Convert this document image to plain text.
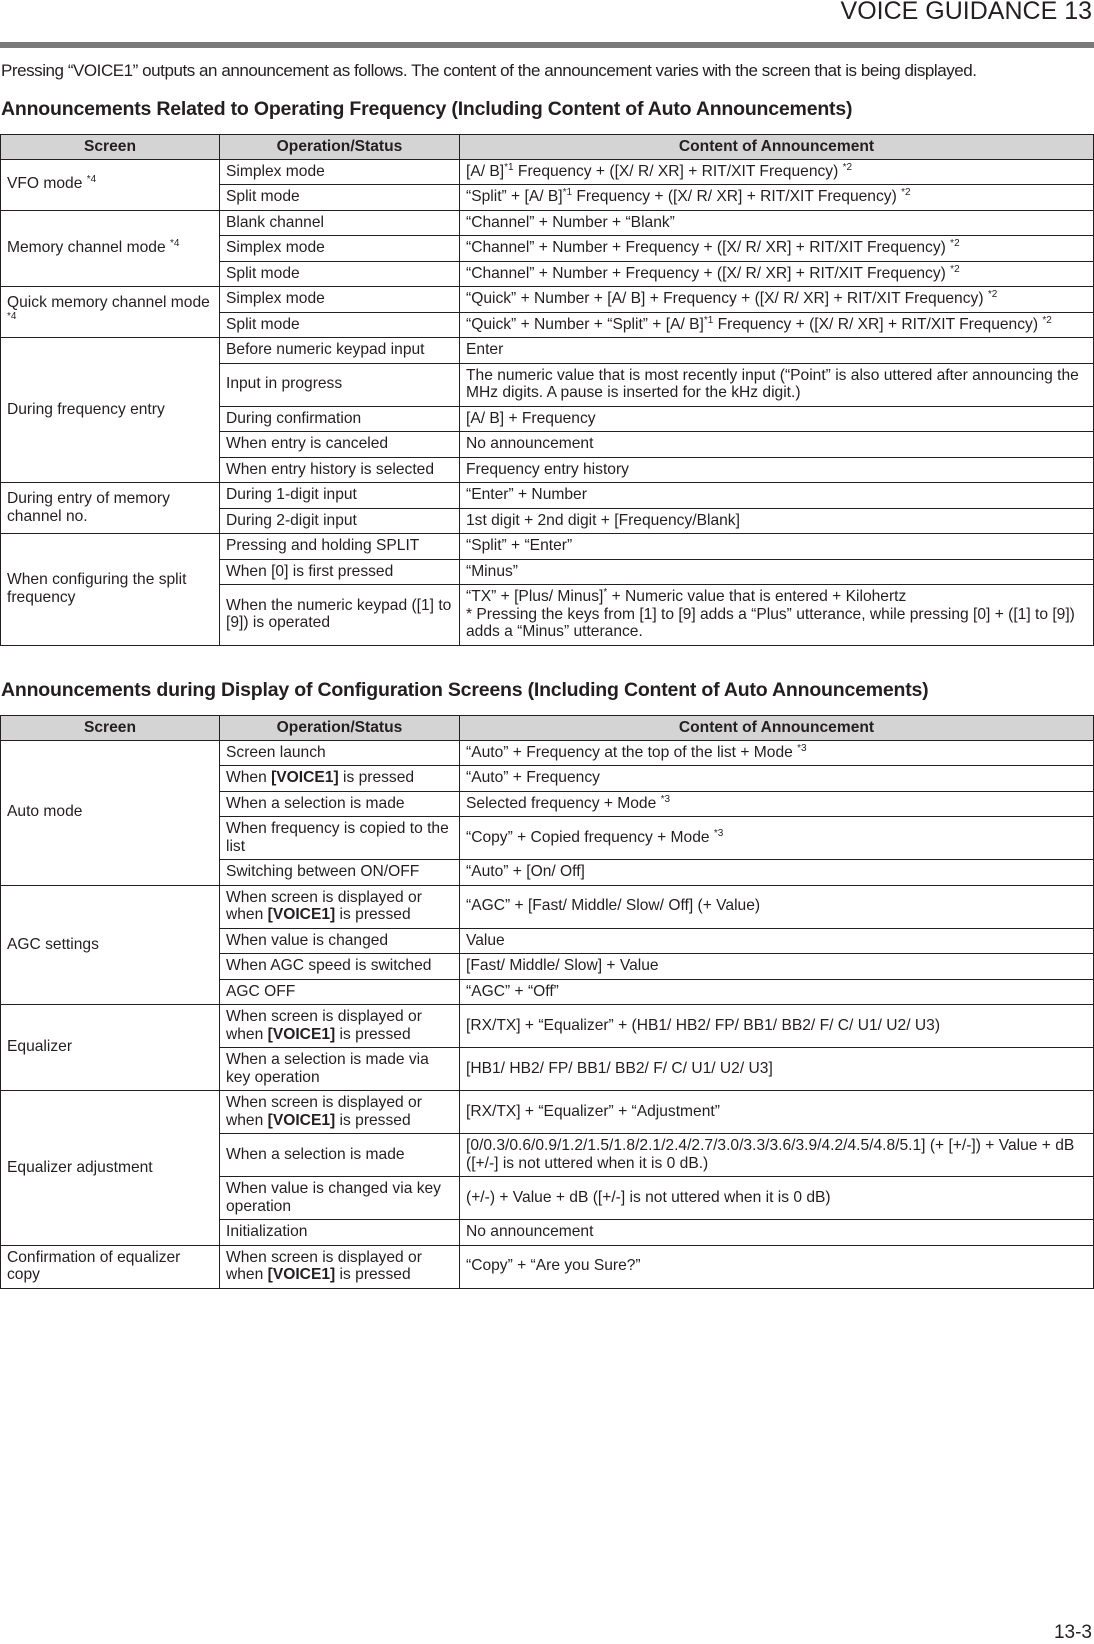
VOICE GUIDANCE 13
Pressing “VOICE1” outputs an announcement as follows. The content of the announcement varies with the screen that is being displayed.
Announcements Related to Operating Frequency (Including Content of Auto Announcements)
Screen	Operation/Status	Content of Announcement
VFO mode $^{*4}$	Simplex mode	[A/ B]$^{*1}$ Frequency + ([X/ R/ XR] + RIT/XIT Frequency) $^{*2}$
	Split mode	“Split” + [A/ B]$^{*1}$ Frequency + ([X/ R/ XR] + RIT/XIT Frequency) $^{*2}$
Memory channel mode $^{*4}$	Blank channel	“Channel” + Number + “Blank”
	Simplex mode	“Channel” + Number + Frequency + ([X/ R/ XR] + RIT/XIT Frequency) $^{*2}$
	Split mode	“Channel” + Number + Frequency + ([X/ R/ XR] + RIT/XIT Frequency) $^{*2}$
Quick memory channel mode $^{*4}$	Simplex mode	“Quick” + Number + [A/ B] + Frequency + ([X/ R/ XR] + RIT/XIT Frequency) $^{*2}$
	Split mode	“Quick” + Number + “Split” + [A/ B]$^{*1}$ Frequency + ([X/ R/ XR] + RIT/XIT Frequency) $^{*2}$
During frequency entry	Before numeric keypad input	Enter
	Input in progress	The numeric value that is most recently input (“Point” is also uttered after announcing the MHz digits. A pause is inserted for the kHz digit.)
	During confirmation	[A/ B] + Frequency
	When entry is canceled	No announcement
	When entry history is selected	Frequency entry history
During entry of memory channel no.	During 1-digit input	“Enter” + Number
	During 2-digit input	1st digit + 2nd digit + [Frequency/Blank]
When configuring the split frequency	Pressing and holding SPLIT	“Split” + “Enter”
	When [0] is first pressed	“Minus”
	When the numeric keypad ([1] to [9]) is operated	“TX” + [Plus/ Minus]* + Numeric value that is entered + Kilohertz
* Pressing the keys from [1] to [9] adds a “Plus” utterance, while pressing [0] + ([1] to [9]) adds a “Minus” utterance.
Announcements during Display of Configuration Screens (Including Content of Auto Announcements)
Screen	Operation/Status	Content of Announcement
Auto mode	Screen launch	“Auto” + Frequency at the top of the list + Mode $^{*3}$
	When [VOICE1] is pressed	“Auto” + Frequency
	When a selection is made	Selected frequency + Mode $^{*3}$
	When frequency is copied to the list	“Copy” + Copied frequency + Mode $^{*3}$
	Switching between ON/OFF	“Auto” + [On/ Off]
AGC settings	When screen is displayed or when [VOICE1] is pressed	“AGC” + [Fast/ Middle/ Slow/ Off] (+ Value)
	When value is changed	Value
	When AGC speed is switched	[Fast/ Middle/ Slow] + Value
	AGC OFF	“AGC” + “Off”
Equalizer	When screen is displayed or when [VOICE1] is pressed	[RX/TX] + “Equalizer” + (HB1/ HB2/ FP/ BB1/ BB2/ F/ C/ U1/ U2/ U3)
	When a selection is made via key operation	[HB1/ HB2/ FP/ BB1/ BB2/ F/ C/ U1/ U2/ U3]
Equalizer adjustment	When screen is displayed or when [VOICE1] is pressed	[RX/TX] + “Equalizer” + “Adjustment”
	When a selection is made	[0/0.3/0.6/0.9/1.2/1.5/1.8/2.1/2.4/2.7/3.0/3.3/3.6/3.9/4.2/4.5/4.8/5.1] (+ [+/-]) + Value + dB ([+/-] is not uttered when it is 0 dB.)
	When value is changed via key operation	(+/-) + Value + dB ([+/-] is not uttered when it is 0 dB)
	Initialization	No announcement
Confirmation of equalizer copy	When screen is displayed or when [VOICE1] is pressed	“Copy” + “Are you Sure?”
13-3
